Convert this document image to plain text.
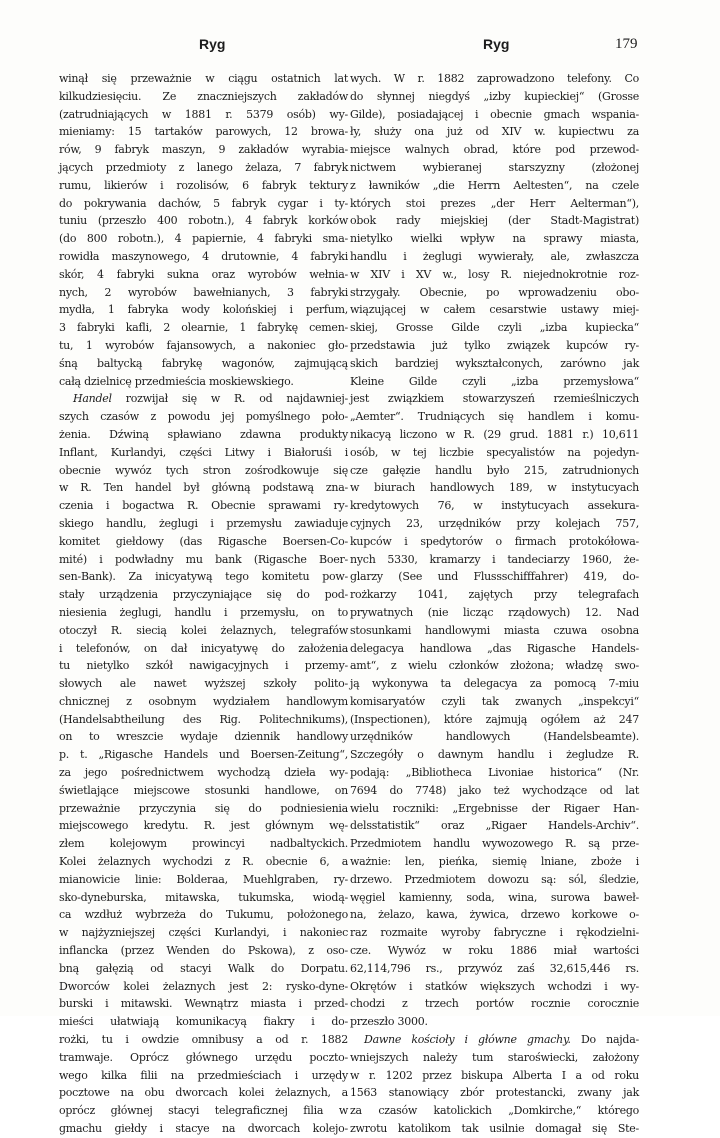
Ryg	Ryg	179
winął się przeważnie w ciągu ostatnich lat
kilkudziesięciu. Ze znaczniejszych zakładów
(zatrudniających w 1881 r. 5379 osób) wy-
mieniamy: 15 tartaków parowych, 12 browa-
rów, 9 fabryk maszyn, 9 zakładów wyrabia-
jących przedmioty z lanego żelaza, 7 fabryk
rumu, likierów i rozolisów, 6 fabryk tektury
do pokrywania dachów, 5 fabryk cygar i ty-
tuniu (przeszło 400 robotn.), 4 fabryk korków
(do 800 robotn.), 4 papiernie, 4 fabryki sma-
rowidła maszynowego, 4 drutownie, 4 fabryki
skór, 4 fabryki sukna oraz wyrobów wełnia-
nych, 2 wyrobów bawełnianych, 3 fabryki
mydła, 1 fabryka wody kolońskiej i perfum,
3 fabryki kafli, 2 olearnie, 1 fabrykę cemen-
tu, 1 wyrobów fajansowych, a nakoniec gło-
śną baltycką fabrykę wagonów, zajmującą
całą dzielnicę przedmieścia moskiewskiego.
Handel rozwijał się w R. od najdawniej-
szych czasów z powodu jej pomyślnego poło-
żenia. Dźwiną spławiano zdawna produkty
Inflant, Kurlandyi, części Litwy i Białoruśi i
obecnie wywóz tych stron zośrodkowuje się
w R. Ten handel był główną podstawą zna-
czenia i bogactwa R. Obecnie sprawami ry-
skiego handlu, żeglugi i przemysłu zawiaduje
komitet giełdowy (das Rigasche Boersen-Co-
mité) i podwładny mu bank (Rigasche Boer-
sen-Bank). Za inicyatywą tego komitetu pow-
stały urządzenia przyczyniające się do pod-
niesienia żeglugi, handlu i przemysłu, on to
otoczył R. siecią kolei żelaznych, telegrafów
i telefonów, on dał inicyatywę do założenia
tu nietylko szkół nawigacyjnych i przemy-
słowych ale nawet wyższej szkoły polito-
chnicznej z osobnym wydziałem handlowym
(Handelsabtheilung des Rig. Politechnikums),
on to wreszcie wydaje dziennik handlowy
p. t. „Rigasche Handels und Boersen-Zeitung“,
za jego pośrednictwem wychodzą dzieła wy-
świetlające miejscowe stosunki handlowe, on
przeważnie przyczynia się do podniesienia
miejscowego kredytu. R. jest głównym wę-
złem kolejowym prowincyi nadbaltyckich.
Kolei żelaznych wychodzi z R. obecnie 6, a
mianowicie linie: Bolderaa, Muehlgraben, ry-
sko-dyneburska, mitawska, tukumska, wiodą-
ca wzdłuż wybrzeża do Tukumu, położonego
w najżyzniejszej części Kurlandyi, i nakoniec
inflancka (przez Wenden do Pskowa), z oso-
bną gałęzią od stacyi Walk do Dorpatu.
Dworców kolei żelaznych jest 2: rysko-dyne-
burski i mitawski. Wewnątrz miasta i przed-
mieści ułatwiają komunikacyą fiakry i do-
rożki, tu i owdzie omnibusy a od r. 1882
tramwaje. Oprócz głównego urzędu poczto-
wego kilka filii na przedmieściach i urzędy
pocztowe na obu dworcach kolei żelaznych, a
oprócz głównej stacyi telegraficznej filia w
gmachu giełdy i stacye na dworcach kolejo-
wych. W r. 1882 zaprowadzono telefony. Co
do słynnej niegdyś „izby kupieckiej“ (Grosse
Gilde), posiadającej i obecnie gmach wspania-
ły, służy ona już od XIV w. kupiectwu za
miejsce walnych obrad, które pod przewod-
nictwem wybieranej starszyzny (złożonej
z ławników „die Herrn Aeltesten“, na czele
których stoi prezes „der Herr Aelterman“),
obok rady miejskiej (der Stadt-Magistrat)
nietylko wielki wpływ na sprawy miasta,
handlu i żeglugi wywierały, ale, zwłaszcza
w XIV i XV w., losy R. niejednokrotnie roz-
strzygały. Obecnie, po wprowadzeniu obo-
wiązującej w całem cesarstwie ustawy miej-
skiej, Grosse Gilde czyli „izba kupiecka“
przedstawia już tylko związek kupców ry-
skich bardziej wykształconych, zarówno jak
Kleine Gilde czyli „izba przemysłowa“
jest związkiem stowarzyszeń rzemieślniczych
„Aemter“. Trudniących się handlem i komu-
nikacyą liczono w R. (29 grud. 1881 r.) 10,611
osób, w tej liczbie specyalistów na pojedyn-
cze gałęzie handlu było 215, zatrudnionych
w biurach handlowych 189, w instytucyach
kredytowych 76, w instytucyach assekura-
cyjnych 23, urzędników przy kolejach 757,
kupców i spedytorów o firmach protokółowa-
nych 5330, kramarzy i tandeciarzy 1960, że-
glarzy (See und Flussschifffahrer) 419, do-
rożkarzy 1041, zajętych przy telegrafach
prywatnych (nie licząc rządowych) 12. Nad
stosunkami handlowymi miasta czuwa osobna
delegacya handlowa „das Rigasche Handels-
amt“, z wielu członków złożona; władzę swo-
ją wykonywa ta delegacya za pomocą 7-miu
komisaryatów czyli tak zwanych „inspekcyi“
(Inspectionen), które zajmują ogółem aż 247
urzędników handlowych (Handelsbeamte).
Szczegóły o dawnym handlu i żegludze R.
podają: „Bibliotheca Livoniae historica“ (Nr.
7694 do 7748) jako też wychodzące od lat
wielu roczniki: „Ergebnisse der Rigaer Han-
delsstatistik“ oraz „Rigaer Handels-Archiv“.
Przedmiotem handlu wywozowego R. są prze-
ważnie: len, pieńka, siemię lniane, zboże i
drzewo. Przedmiotem dowozu są: sól, śledzie,
węgiel kamienny, soda, wina, surowa baweł-
na, żelazo, kawa, żywica, drzewo korkowe o-
raz rozmaite wyroby fabryczne i rękodzielni-
cze. Wywóz w roku 1886 miał wartości
62,114,796 rs., przywóz zaś 32,615,446 rs.
Okrętów i statków większych wchodzi i wy-
chodzi z trzech portów rocznie corocznie
przeszło 3000.
Dawne kościoły i główne gmachy. Do najda-
wniejszych należy tum staroświecki, założony
w r. 1202 przez biskupa Alberta I a od roku
1563 stanowiący zbór protestancki, zwany jak
za czasów katolickich „Domkirche,“ którego
zwrotu katolikom tak usilnie domagał się Ste-
